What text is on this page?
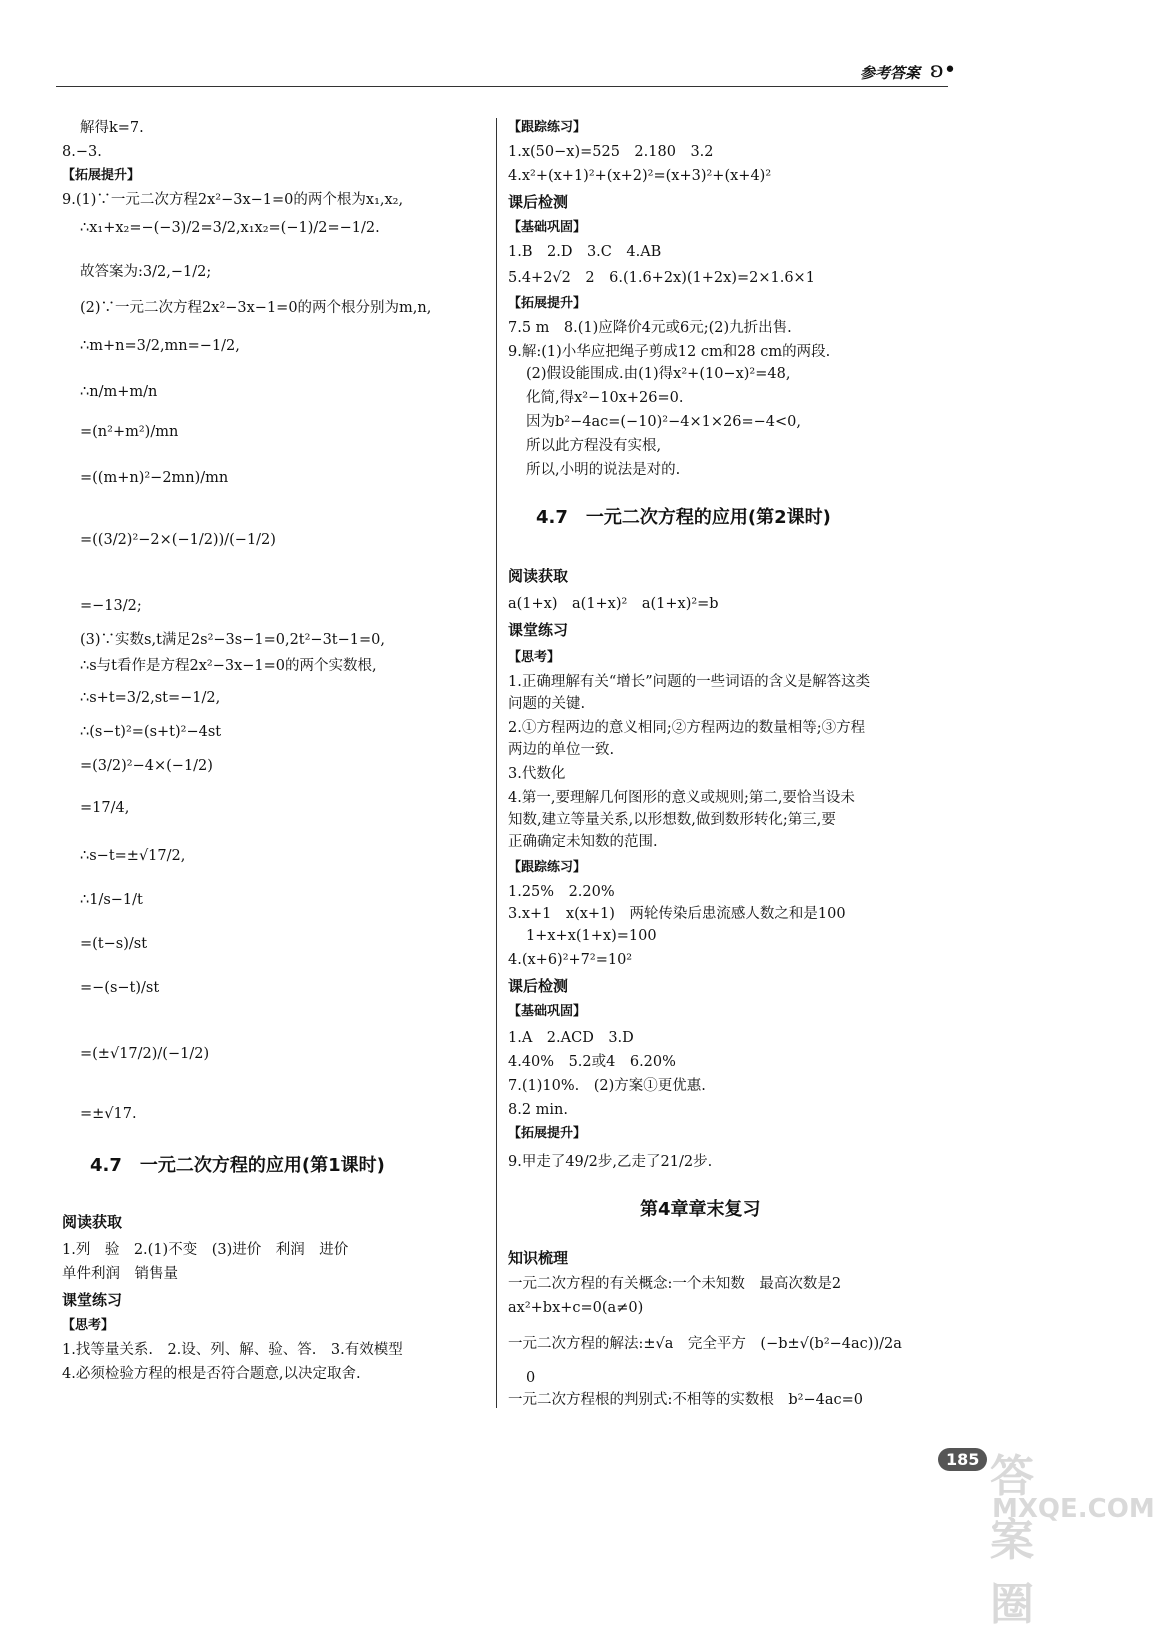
参考答案 ʚ•
解得k=7.
8.−3.
【拓展提升】
9.(1)∵一元二次方程2x²−3x−1=0的两个根为x₁,x₂,
∴x₁+x₂=−(−3)/2=3/2,x₁x₂=(−1)/2=−1/2.
故答案为:3/2,−1/2;
(2)∵一元二次方程2x²−3x−1=0的两个根分别为m,n,
∴m+n=3/2,mn=−1/2,
∴n/m+m/n
=(n²+m²)/mn
=((m+n)²−2mn)/mn
=((3/2)²−2×(−1/2))/(−1/2)
=−13/2;
(3)∵实数s,t满足2s²−3s−1=0,2t²−3t−1=0,
∴s与t看作是方程2x²−3x−1=0的两个实数根,
∴s+t=3/2,st=−1/2,
∴(s−t)²=(s+t)²−4st
=(3/2)²−4×(−1/2)
=17/4,
∴s−t=±√17/2,
∴1/s−1/t
=(t−s)/st
=−(s−t)/st
=(±√17/2)/(−1/2)
=±√17.
4.7　一元二次方程的应用(第1课时)
阅读获取
1.列　验　2.(1)不变　(3)进价　利润　进价
单件利润　销售量
课堂练习
【思考】
1.找等量关系.　2.设、列、解、验、答.　3.有效模型
4.必须检验方程的根是否符合题意,以决定取舍.
【跟踪练习】
1.x(50−x)=525　2.180　3.2
4.x²+(x+1)²+(x+2)²=(x+3)²+(x+4)²
课后检测
【基础巩固】
1.B　2.D　3.C　4.AB
5.4+2√2　2　6.(1.6+2x)(1+2x)=2×1.6×1
【拓展提升】
7.5 m　8.(1)应降价4元或6元;(2)九折出售.
9.解:(1)小华应把绳子剪成12 cm和28 cm的两段.
(2)假设能围成.由(1)得x²+(10−x)²=48,
化简,得x²−10x+26=0.
因为b²−4ac=(−10)²−4×1×26=−4<0,
所以此方程没有实根,
所以,小明的说法是对的.
4.7　一元二次方程的应用(第2课时)
阅读获取
a(1+x)　a(1+x)²　a(1+x)²=b
课堂练习
【思考】
1.正确理解有关“增长”问题的一些词语的含义是解答这类
问题的关键.
2.①方程两边的意义相同;②方程两边的数量相等;③方程
两边的单位一致.
3.代数化
4.第一,要理解几何图形的意义或规则;第二,要恰当设未
知数,建立等量关系,以形想数,做到数形转化;第三,要
正确确定未知数的范围.
【跟踪练习】
1.25%　2.20%
3.x+1　x(x+1)　两轮传染后患流感人数之和是100
1+x+x(1+x)=100
4.(x+6)²+7²=10²
课后检测
【基础巩固】
1.A　2.ACD　3.D
4.40%　5.2或4　6.20%
7.(1)10%.　(2)方案①更优惠.
8.2 min.
【拓展提升】
9.甲走了49/2步,乙走了21/2步.
第4章章末复习
知识梳理
一元二次方程的有关概念:一个未知数　最高次数是2
ax²+bx+c=0(a≠0)
一元二次方程的解法:±√a　完全平方　(−b±√(b²−4ac))/2a
0
一元二次方程根的判别式:不相等的实数根　b²−4ac=0
185 答案圈
MXQE.COM
